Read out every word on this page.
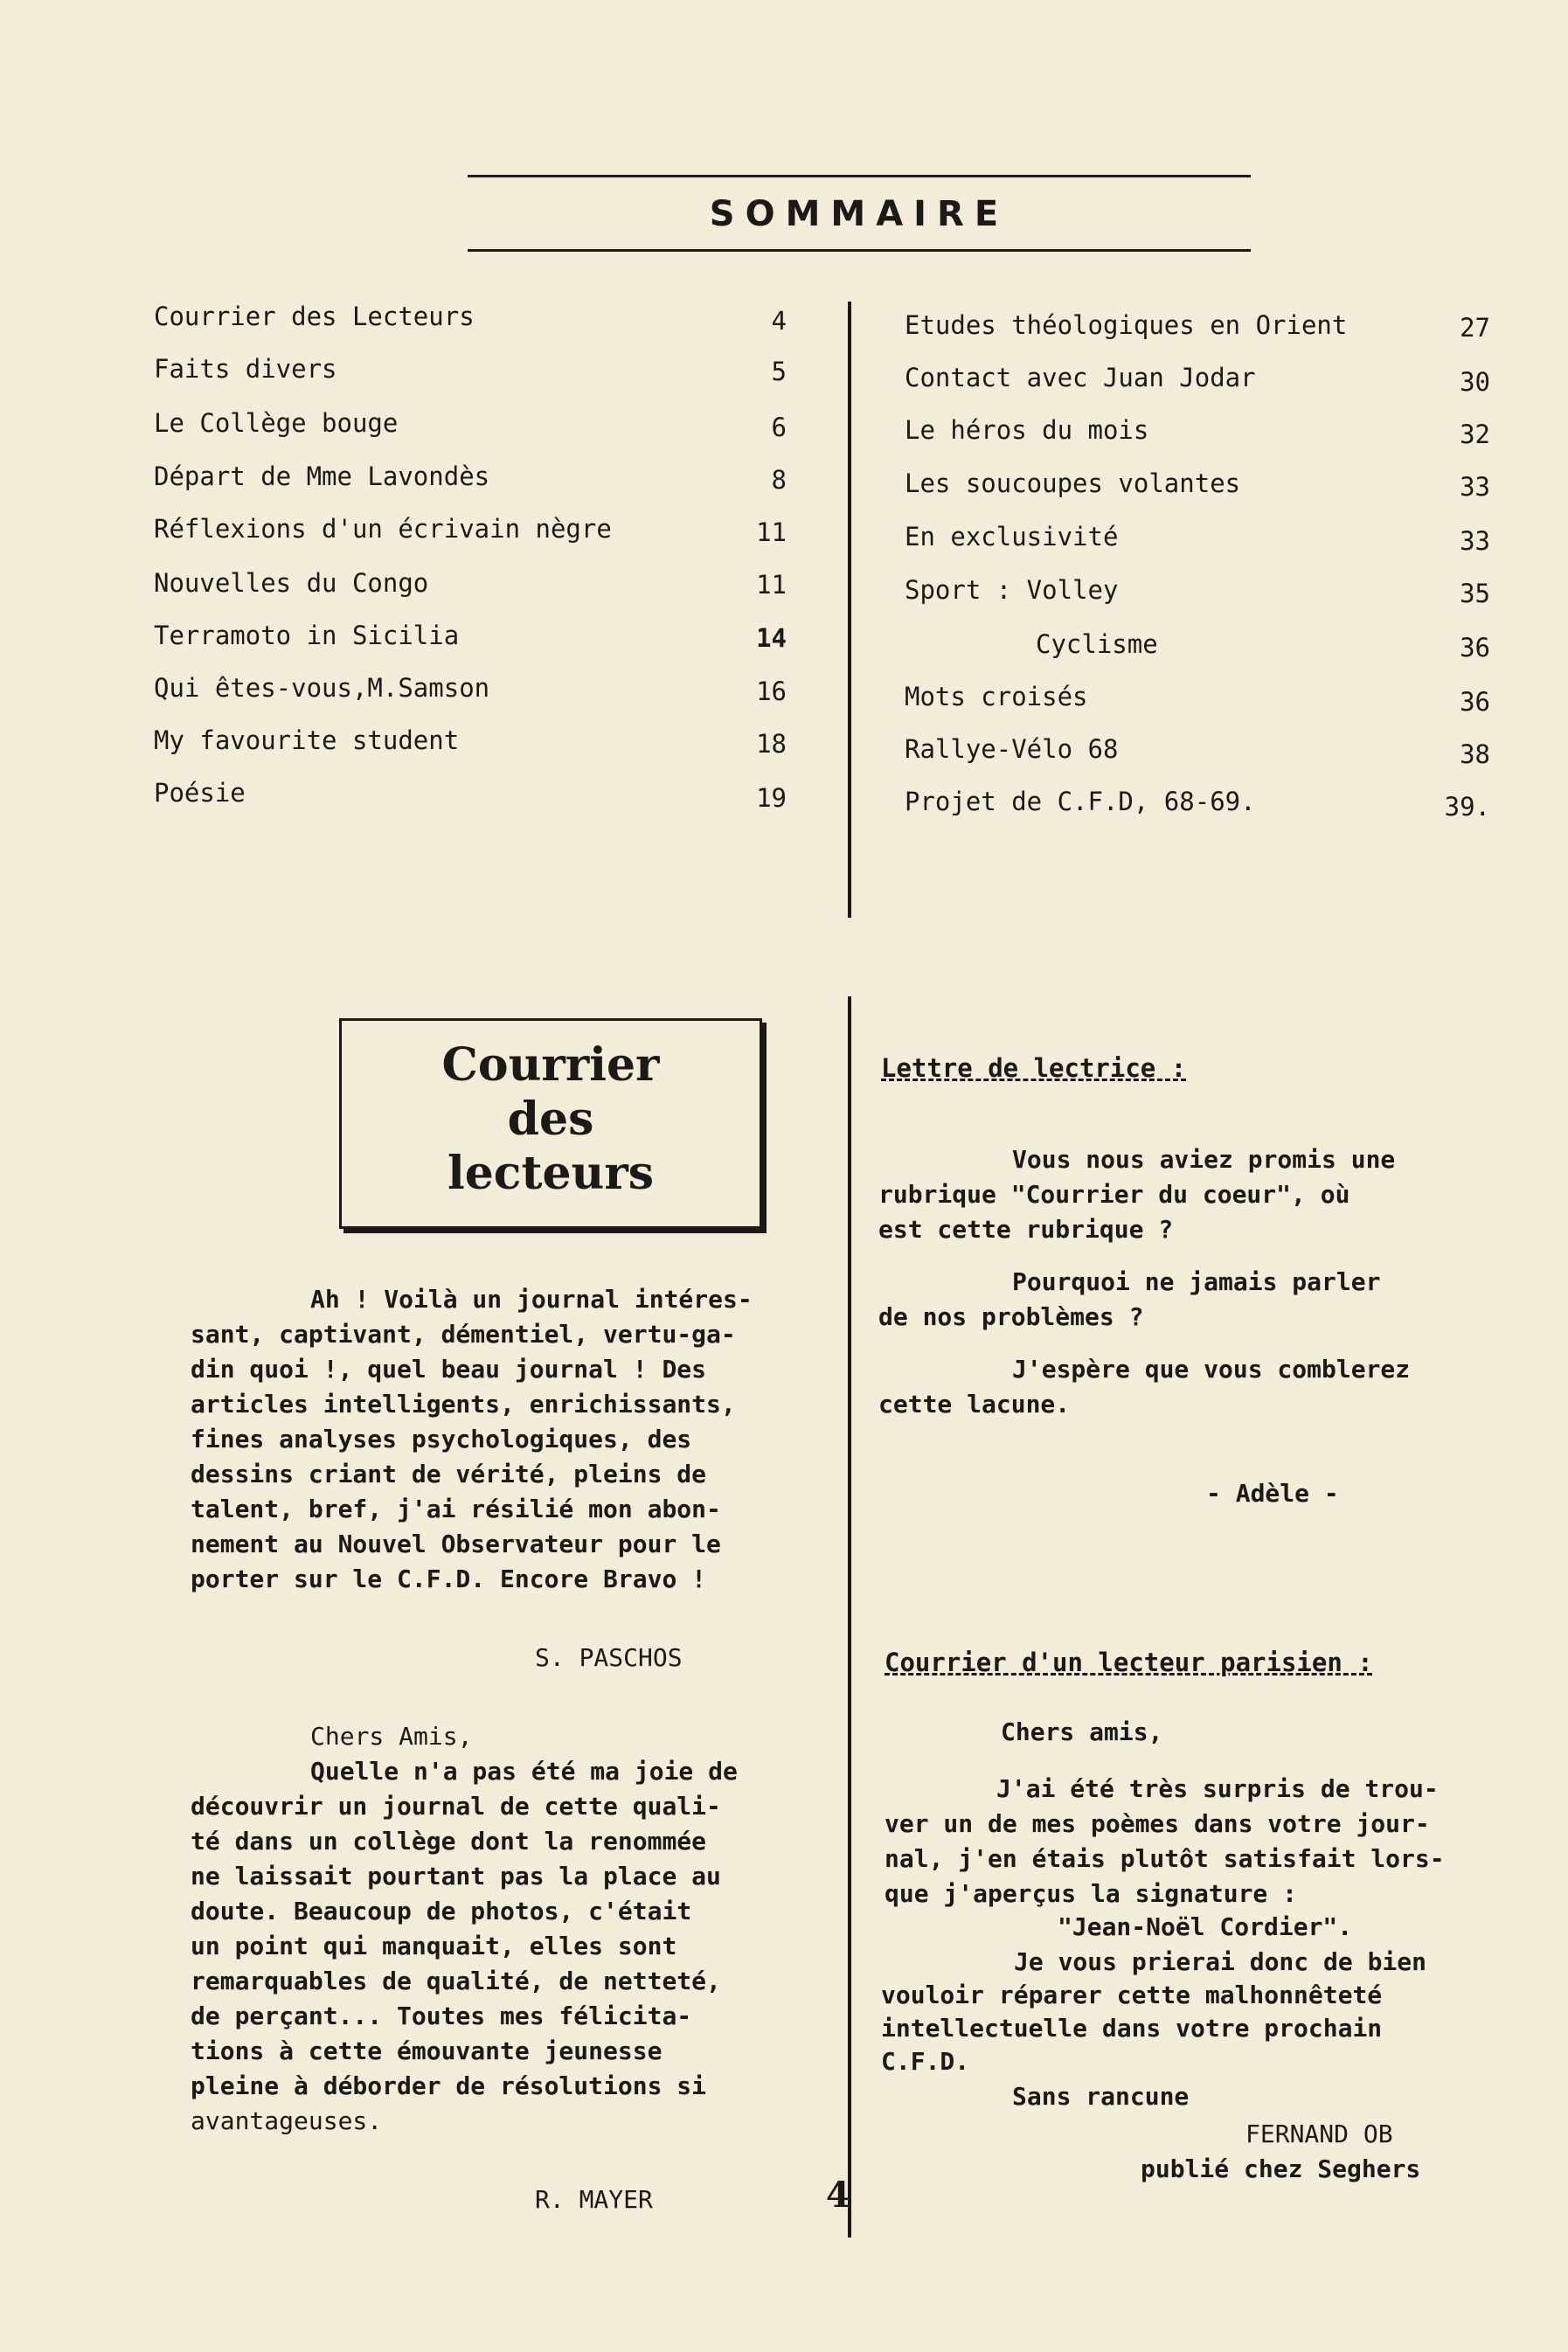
SOMMAIRE
Courrier des Lecteurs	4
Faits divers	5
Le Collège bouge	6
Départ de Mme Lavondès	8
Réflexions d'un écrivain nègre	11
Nouvelles du Congo	11
Terramoto in Sicilia	14
Qui êtes-vous,M.Samson	16
My favourite student	18
Poésie	19
Etudes théologiques en Orient	27
Contact avec Juan Jodar	30
Le héros du mois	32
Les soucoupes volantes	33
En exclusivité	33
Sport : Volley	35
Cyclisme	36
Mots croisés	36
Rallye-Vélo 68	38
Projet de C.F.D, 68-69.	39.
Courrier
des
lecteurs
Ah ! Voilà un journal intéres-
sant, captivant, démentiel, vertu-ga-
din quoi !, quel beau journal ! Des
articles intelligents, enrichissants,
fines analyses psychologiques, des
dessins criant de vérité, pleins de
talent, bref, j'ai résilié mon abon-
nement au Nouvel Observateur pour le
porter sur le C.F.D. Encore Bravo !
S. PASCHOS
Chers Amis,
Quelle n'a pas été ma joie de
découvrir un journal de cette quali-
té dans un collège dont la renommée
ne laissait pourtant pas la place au
doute. Beaucoup de photos, c'était
un point qui manquait, elles sont
remarquables de qualité, de netteté,
de perçant... Toutes mes félicita-
tions à cette émouvante jeunesse
pleine à déborder de résolutions si
avantageuses.
R. MAYER
Lettre de lectrice :
Vous nous aviez promis une
rubrique "Courrier du coeur", où
est cette rubrique ?
Pourquoi ne jamais parler
de nos problèmes ?
J'espère que vous comblerez
cette lacune.
- Adèle -
Courrier d'un lecteur parisien :
Chers amis,
J'ai été très surpris de trou-
ver un de mes poèmes dans votre jour-
nal, j'en étais plutôt satisfait lors-
que j'aperçus la signature :
"Jean-Noël Cordier".
Je vous prierai donc de bien
vouloir réparer cette malhonnêteté
intellectuelle dans votre prochain
C.F.D.
Sans rancune
FERNAND OB
publié chez Seghers
4
